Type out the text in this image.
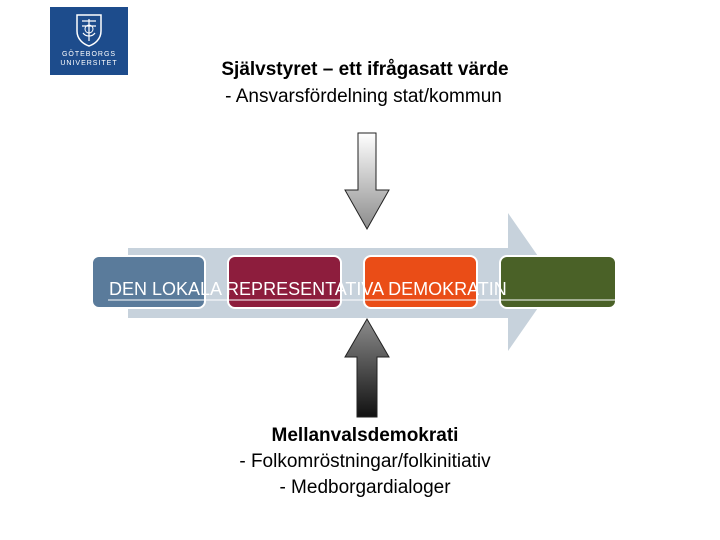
GÖTEBORGS
UNIVERSITET	Självstyret – ett ifrågasatt värde
- Ansvarsfördelning stat/kommun
DEN LOKALA REPRESENTATIVA DEMOKRATIN
Mellanvalsdemokrati
- Folkomröstningar/folkinitiativ
- Medborgardialoger
